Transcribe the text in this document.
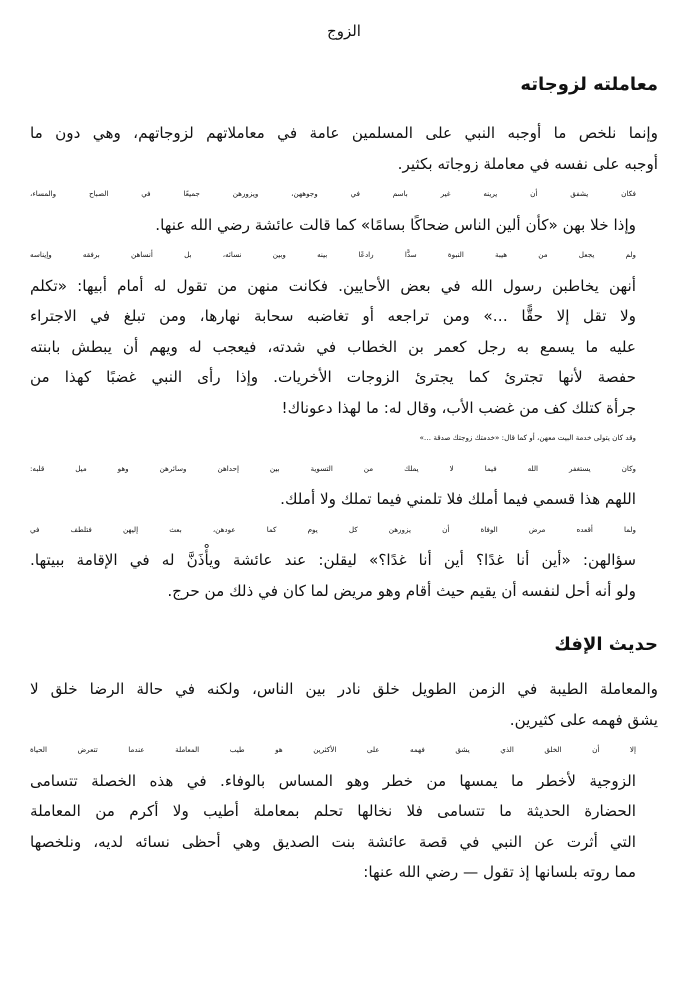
الزوج
معاملته لزوجاته

وإنما نلخص ما أوجبه النبي على المسلمين عامة في معاملاتهم لزوجاتهم، وهي دون ما
أوجبه على نفسه في معاملة زوجاته بكثير.

فكان يشفق أن يرينه غير باسم في وجوههن، ويزورهن جميعًا في الصباح والمساء،
وإذا خلا بهن «كأن ألين الناس ضحاكًا بسامًا» كما قالت عائشة رضي الله عنها.

ولم يجعل من هيبة النبوة سدًّا رادعًا بينه وبين نسائه، بل أنساهن برفقه وإيناسه
أنهن يخاطبن رسول الله في بعض الأحايين. فكانت منهن من تقول له أمام أبيها: «تكلم
ولا تقل إلا حقًّا …» ومن تراجعه أو تغاضبه سحابة نهارها، ومن تبلغ في الاجتراء
عليه ما يسمع به رجل كعمر بن الخطاب في شدته، فيعجب له ويهم أن يبطش بابنته
حفصة لأنها تجترئ كما يجترئ الزوجات الأخريات. وإذا رأى النبي غضبًا كهذا من
جرأة كتلك كف من غضب الأب، وقال له: ما لهذا دعوناك!

وقد كان يتولى خدمة البيت معهن، أو كما قال: «خدمتك زوجتك صدقة …»

وكان يستغفر الله فيما لا يملك من التسوية بين إحداهن وسائرهن وهو ميل قلبه:
اللهم هذا قسمي فيما أملك فلا تلمني فيما تملك ولا أملك.

ولما أقعده مرض الوفاة أن يزورهن كل يوم كما عودهن، بعث إليهن فتلطف في
سؤالهن: «أين أنا غدًا؟ أين أنا غدًا؟» ليقلن: عند عائشة ويأْذَنَّ له في الإقامة ببيتها.
ولو أنه أحل لنفسه أن يقيم حيث أقام وهو مريض لما كان في ذلك من حرج.

حديث الإفك

والمعاملة الطيبة في الزمن الطويل خلق نادر بين الناس، ولكنه في حالة الرضا خلق لا
يشق فهمه على كثيرين.

إلا أن الخلق الذي يشق فهمه على الأكثرين هو طيب المعاملة عندما تتعرض الحياة
الزوجية لأخطر ما يمسها من خطر وهو المساس بالوفاء. في هذه الخصلة تتسامى
الحضارة الحديثة ما تتسامى فلا نخالها تحلم بمعاملة أطيب ولا أكرم من المعاملة
التي أثرت عن النبي في قصة عائشة بنت الصديق وهي أحظى نسائه لديه، ونلخصها
مما روته بلسانها إذ تقول — رضي الله عنها:
